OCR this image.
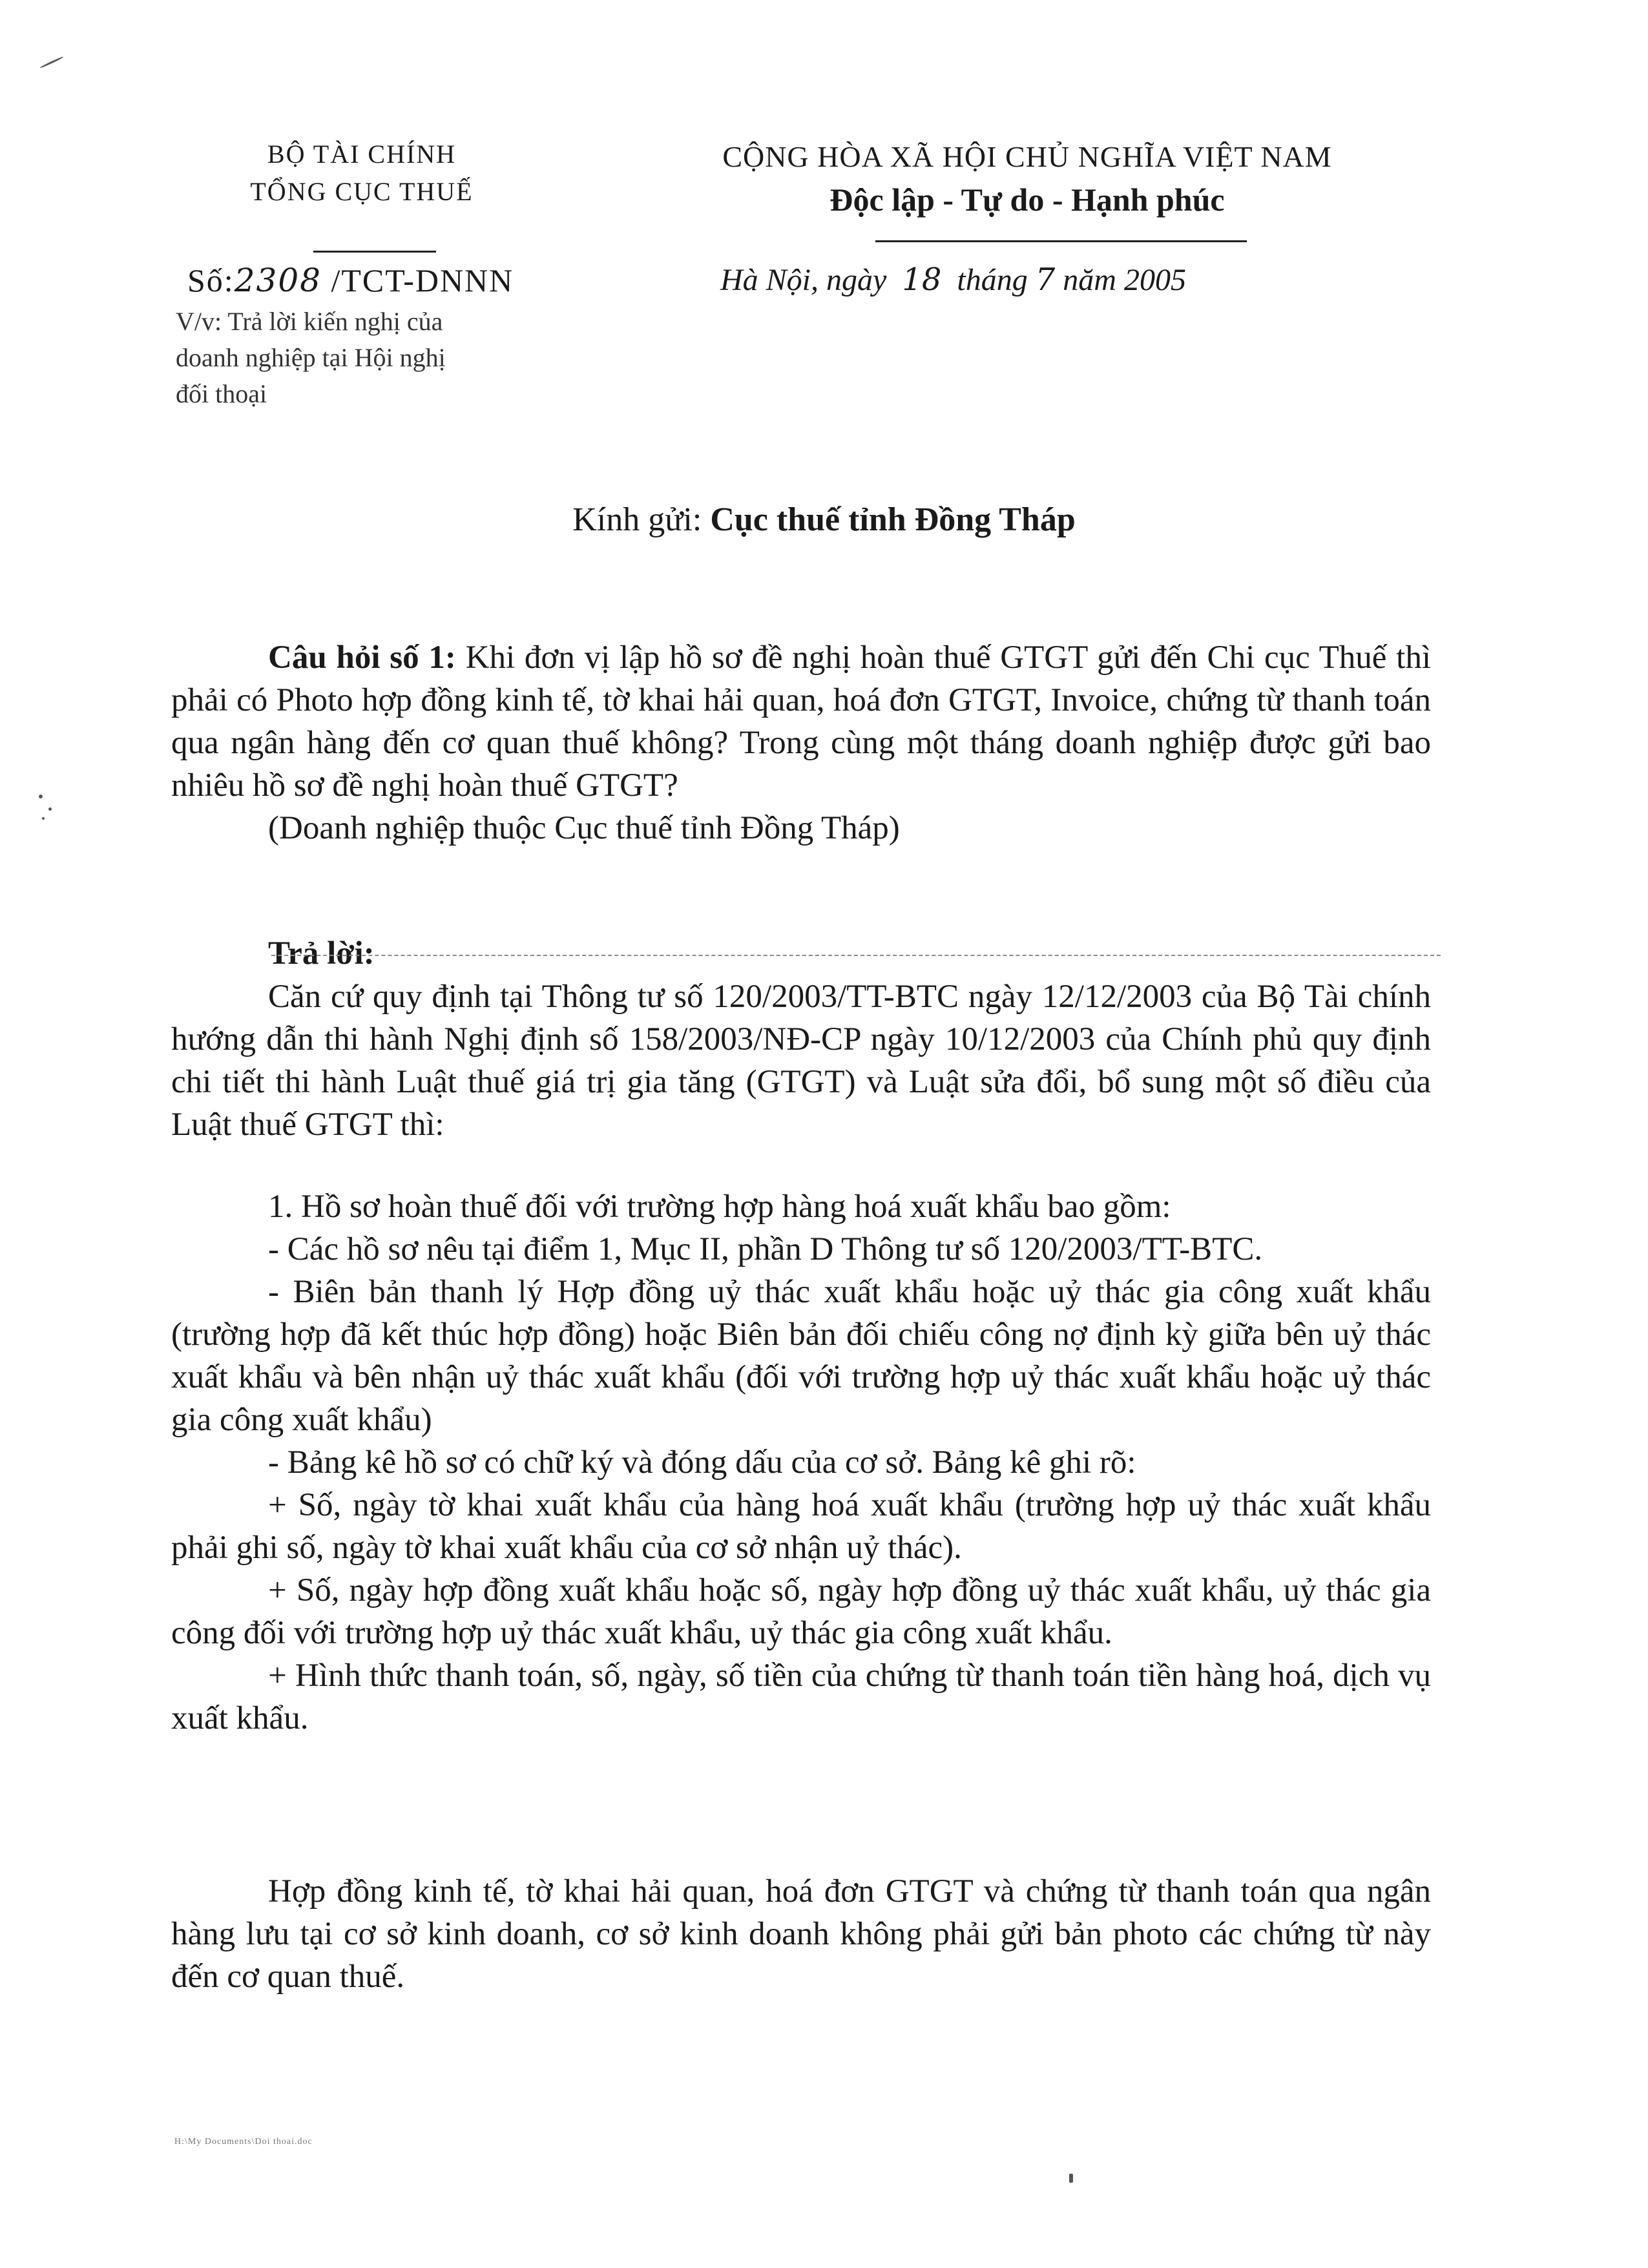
BỘ TÀI CHÍNH
TỔNG CỤC THUẾ
CỘNG HÒA XÃ HỘI CHỦ NGHĨA VIỆT NAM
Độc lập - Tự do - Hạnh phúc
Số:2308 /TCT-DNNN
V/v: Trả lời kiến nghị của
doanh nghiệp tại Hội nghị
đối thoại
Hà Nội, ngày 18 tháng 7 năm 2005
Kính gửi: Cục thuế tỉnh Đồng Tháp
Câu hỏi số 1: Khi đơn vị lập hồ sơ đề nghị hoàn thuế GTGT gửi đến Chi cục Thuế thì phải có Photo hợp đồng kinh tế, tờ khai hải quan, hoá đơn GTGT, Invoice, chứng từ thanh toán qua ngân hàng đến cơ quan thuế không? Trong cùng một tháng doanh nghiệp được gửi bao nhiêu hồ sơ đề nghị hoàn thuế GTGT?
(Doanh nghiệp thuộc Cục thuế tỉnh Đồng Tháp)
Trả lời:
Căn cứ quy định tại Thông tư số 120/2003/TT-BTC ngày 12/12/2003 của Bộ Tài chính hướng dẫn thi hành Nghị định số 158/2003/NĐ-CP ngày 10/12/2003 của Chính phủ quy định chi tiết thi hành Luật thuế giá trị gia tăng (GTGT) và Luật sửa đổi, bổ sung một số điều của Luật thuế GTGT thì:
1. Hồ sơ hoàn thuế đối với trường hợp hàng hoá xuất khẩu bao gồm:
- Các hồ sơ nêu tại điểm 1, Mục II, phần D Thông tư số 120/2003/TT-BTC.
- Biên bản thanh lý Hợp đồng uỷ thác xuất khẩu hoặc uỷ thác gia công xuất khẩu (trường hợp đã kết thúc hợp đồng) hoặc Biên bản đối chiếu công nợ định kỳ giữa bên uỷ thác xuất khẩu và bên nhận uỷ thác xuất khẩu (đối với trường hợp uỷ thác xuất khẩu hoặc uỷ thác gia công xuất khẩu)
- Bảng kê hồ sơ có chữ ký và đóng dấu của cơ sở. Bảng kê ghi rõ:
+ Số, ngày tờ khai xuất khẩu của hàng hoá xuất khẩu (trường hợp uỷ thác xuất khẩu phải ghi số, ngày tờ khai xuất khẩu của cơ sở nhận uỷ thác).
+ Số, ngày hợp đồng xuất khẩu hoặc số, ngày hợp đồng uỷ thác xuất khẩu, uỷ thác gia công đối với trường hợp uỷ thác xuất khẩu, uỷ thác gia công xuất khẩu.
+ Hình thức thanh toán, số, ngày, số tiền của chứng từ thanh toán tiền hàng hoá, dịch vụ xuất khẩu.
Hợp đồng kinh tế, tờ khai hải quan, hoá đơn GTGT và chứng từ thanh toán qua ngân hàng lưu tại cơ sở kinh doanh, cơ sở kinh doanh không phải gửi bản photo các chứng từ này đến cơ quan thuế.
H:\My Documents\Doi thoai.doc
